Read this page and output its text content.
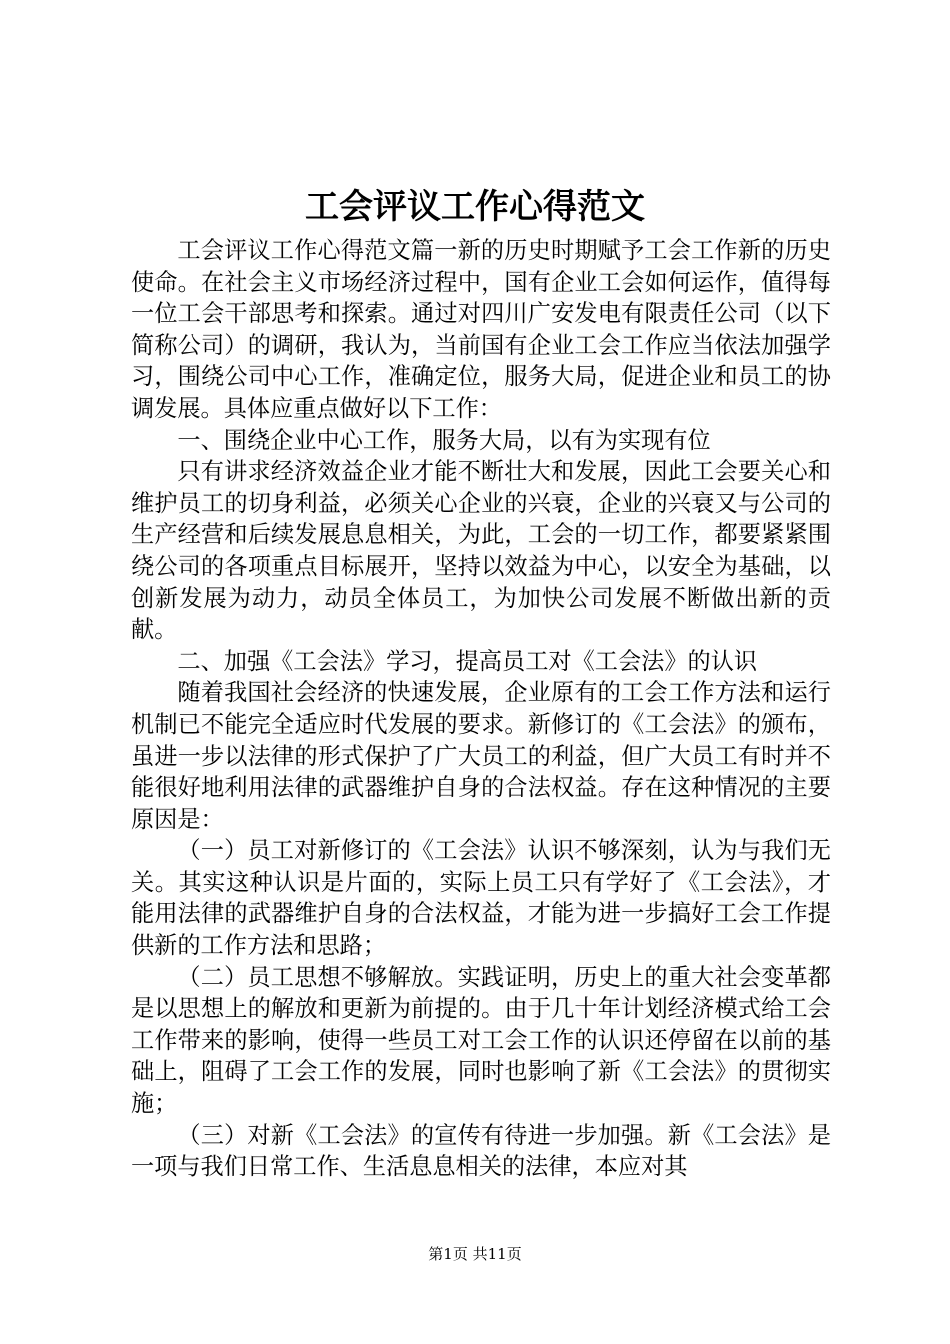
工会评议工作心得范文

工会评议工作心得范文篇一新的历史时期赋予工会工作新的历史使命。在社会主义市场经济过程中，国有企业工会如何运作，值得每一位工会干部思考和探索。通过对四川广安发电有限责任公司（以下简称公司）的调研，我认为，当前国有企业工会工作应当依法加强学习，围绕公司中心工作，准确定位，服务大局，促进企业和员工的协调发展。具体应重点做好以下工作：

一、围绕企业中心工作，服务大局，以有为实现有位

只有讲求经济效益企业才能不断壮大和发展，因此工会要关心和维护员工的切身利益，必须关心企业的兴衰，企业的兴衰又与公司的生产经营和后续发展息息相关，为此，工会的一切工作，都要紧紧围绕公司的各项重点目标展开，坚持以效益为中心，以安全为基础，以创新发展为动力，动员全体员工，为加快公司发展不断做出新的贡献。

二、加强《工会法》学习，提高员工对《工会法》的认识

随着我国社会经济的快速发展，企业原有的工会工作方法和运行机制已不能完全适应时代发展的要求。新修订的《工会法》的颁布，虽进一步以法律的形式保护了广大员工的利益，但广大员工有时并不能很好地利用法律的武器维护自身的合法权益。存在这种情况的主要原因是：

（一）员工对新修订的《工会法》认识不够深刻，认为与我们无关。其实这种认识是片面的，实际上员工只有学好了《工会法》，才能用法律的武器维护自身的合法权益，才能为进一步搞好工会工作提供新的工作方法和思路；

（二）员工思想不够解放。实践证明，历史上的重大社会变革都是以思想上的解放和更新为前提的。由于几十年计划经济模式给工会工作带来的影响，使得一些员工对工会工作的认识还停留在以前的基础上，阻碍了工会工作的发展，同时也影响了新《工会法》的贯彻实施；

（三）对新《工会法》的宣传有待进一步加强。新《工会法》是一项与我们日常工作、生活息息相关的法律，本应对其

第1页 共11页
